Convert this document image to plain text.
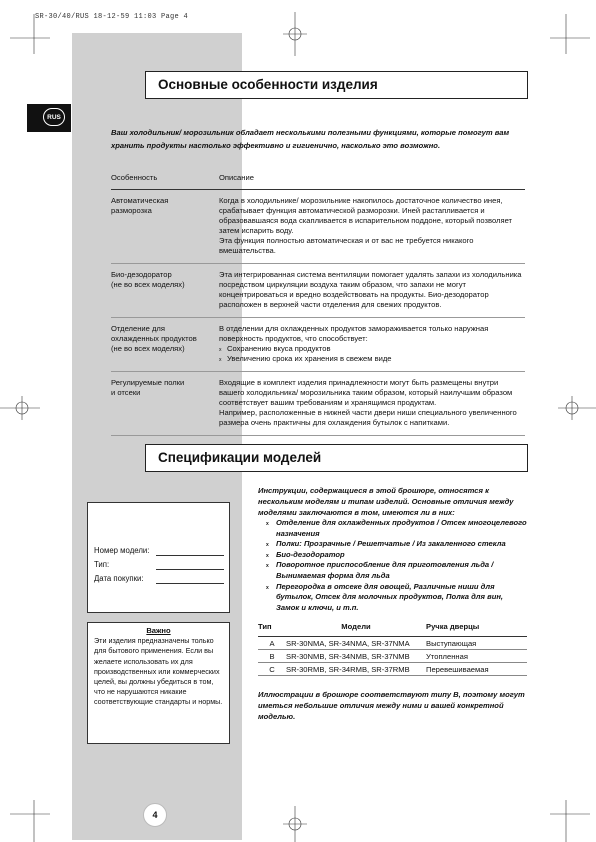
SR-30/40/RUS 18-12-59 11:03 Page 4
RUS
Основные особенности изделия
Ваш холодильник/ морозильник обладает несколькими полезными функциями, которые помогут вам хранить продукты настолько эффективно и гигиенично, насколько это возможно.
Особенность	Описание
Автоматическая
разморозка	Когда в холодильнике/ морозильнике накопилось достаточное количество инея, срабатывает функция автоматической разморозки. Иней растапливается и образовавшаяся вода скапливается в испарительном поддоне, который позволяет затем испарить воду.
Эта функция полностью автоматическая и от вас не требуется никакого вмешательства.
Био-дезодоратор
(не во всех моделях)	Эта интегрированная система вентиляции помогает удалять запахи из холодильника посредством циркуляции воздуха таким образом, что запахи не могут концентрироваться и вредно воздействовать на продукты. Био-дезодоратор расположен в верхней части отделения для свежих продуктов.
Отделение для
охлажденных продуктов
(не во всех моделях)	В отделении для охлажденных продуктов замораживается только наружная поверхность продуктов, что способствует:
x Сохранению вкуса продуктов
x Увеличению срока их хранения в свежем виде

Регулируемые полки
и отсеки	Входящие в комплект изделия принадлежности могут быть размещены внутри вашего холодильника/ морозильника таким образом, который наилучшим образом соответствует вашим требованиям и хранящимся продуктам.
Например, расположенные в нижней части двери ниши специального увеличенного размера очень практичны для охлаждения бутылок с напитками.
Спецификации моделей
Номер модели:
Тип:
Дата покупки:
Важно
Эти изделия предназначены только для бытового применения. Если вы желаете использовать их для производственных или коммерческих целей, вы должны убедиться в том, что не нарушаются никакие соответствующие стандарты и нормы.
Инструкции, содержащиеся в этой брошюре, относятся к нескольким моделям и типам изделий. Основные отличия между моделями заключаются в том, имеются ли в них:
x Отделение для охлажденных продуктов / Отсек многоцелевого назначения
x Полки: Прозрачные / Решетчатые / Из закаленного стекла
x Био-дезодоратор
x Поворотное приспособление для приготовления льда / Вынимаемая форма для льда
x Перегородка в отсеке для овощей, Различные ниши для бутылок, Отсек для молочных продуктов, Полка для вин, Замок и ключи, и т.п.
Тип	Модели	Ручка дверцы
A	SR-30NMA, SR-34NMA, SR-37NMA	Выступающая
B	SR-30NMB, SR-34NMB, SR-37NMB	Утопленная
C	SR-30RMB, SR-34RMB, SR-37RMB	Перевешиваемая
Иллюстрации в брошюре соответствуют типу B, поэтому могут иметься небольшие отличия между ними и вашей конкретной моделью.
4
